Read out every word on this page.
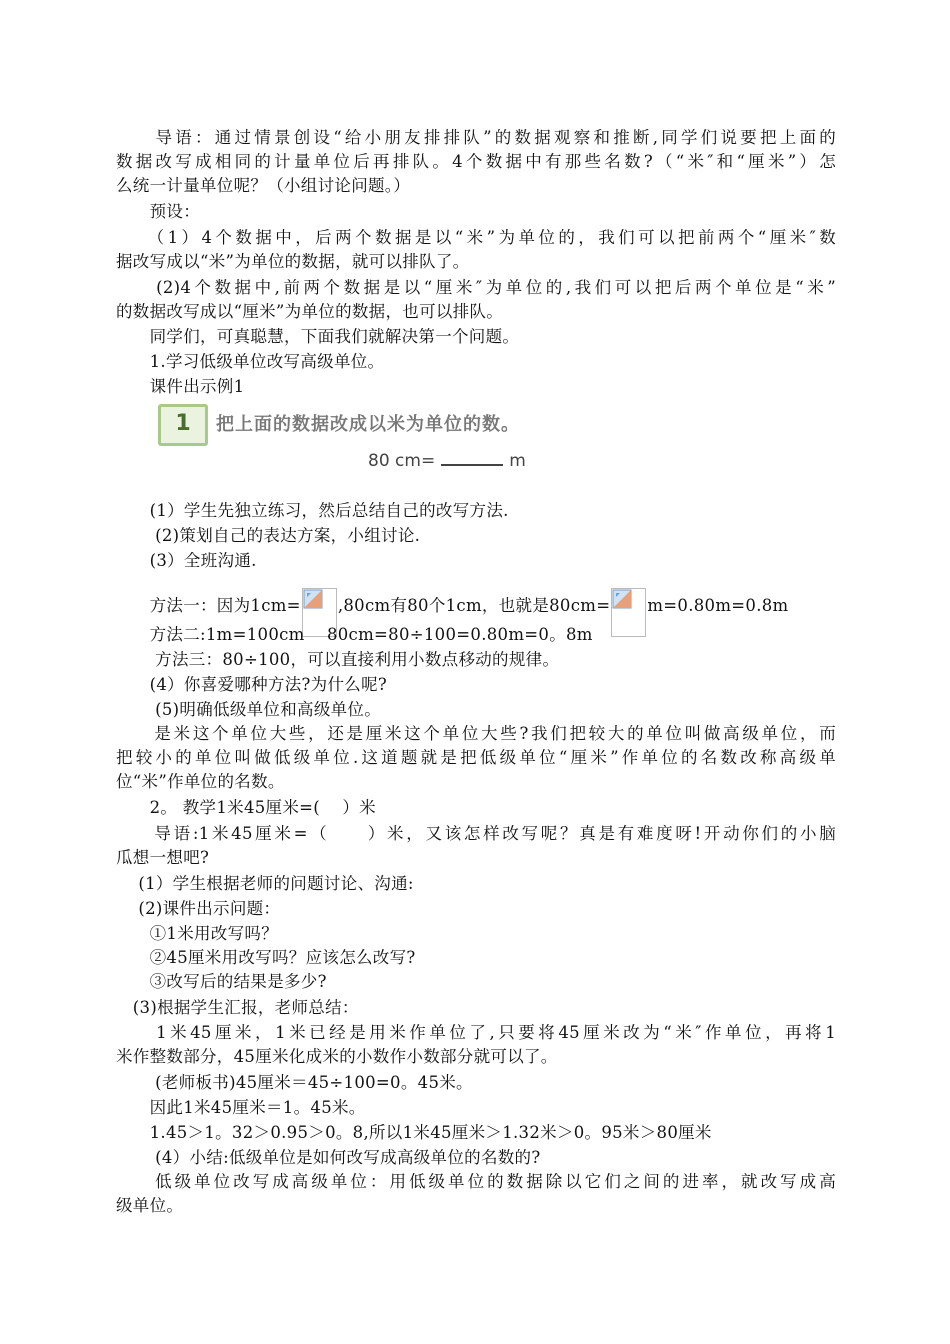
　　导语：通过情景创设“给小朋友排排队”的数据观察和推断,同学们说要把上面的
数据改写成相同的计量单位后再排队。4个数据中有那些名数?（“米″和“厘米”）怎
么统一计量单位呢？（小组讨论问题。）
　　预设：
　　（1）4个数据中，后两个数据是以“米”为单位的，我们可以把前两个“厘米″数
据改写成以“米”为单位的数据，就可以排队了。
　　(2)4个数据中,前两个数据是以“厘米″为单位的,我们可以把后两个单位是“米”
的数据改写成以“厘米”为单位的数据，也可以排队。
　　同学们，可真聪慧，下面我们就解决第一个问题。
　　1.学习低级单位改写高级单位。
　　课件出示例1
1	把上面的数据改成以米为单位的数。
80 cm=	m
　　(1）学生先独立练习，然后总结自己的改写方法.
　　 (2)策划自己的表达方案，小组讨论.
　　(3）全班沟通.
　　方法一：因为1cm= ,80cm有80个1cm，也就是80cm= m=0.80m=0.8m
　　方法二:1m=100cm　 80cm=80÷100=0.80m=0。8m
　　 方法三：80÷100，可以直接利用小数点移动的规律。
　　(4）你喜爱哪种方法?为什么呢?
　　 (5)明确低级单位和高级单位。
　　是米这个单位大些，还是厘米这个单位大些?我们把较大的单位叫做高级单位，而
把较小的单位叫做低级单位.这道题就是把低级单位“厘米”作单位的名数改称高级单
位“米”作单位的名数。
　　2。 教学1米45厘米=(　 ）米
　　导语:1米45厘米=（　　）米，又该怎样改写呢？真是有难度呀!开动你们的小脑
瓜想一想吧?
　 (1）学生根据老师的问题讨论、沟通:
　 (2)课件出示问题：
　　①1米用改写吗？
　　②45厘米用改写吗？应该怎么改写?
　　③改写后的结果是多少?
　(3)根据学生汇报，老师总结：
　　1米45厘米，1米已经是用米作单位了,只要将45厘米改为“米″作单位，再将1
米作整数部分，45厘米化成米的小数作小数部分就可以了。
　　 (老师板书)45厘米＝45÷100=0。45米。
　　因此1米45厘米＝1。45米。
　　1.45＞1。32＞0.95＞0。8,所以1米45厘米＞1.32米＞0。95米＞80厘米
　　 (4）小结:低级单位是如何改写成高级单位的名数的?
　　低级单位改写成高级单位：用低级单位的数据除以它们之间的进率，就改写成高
级单位。
